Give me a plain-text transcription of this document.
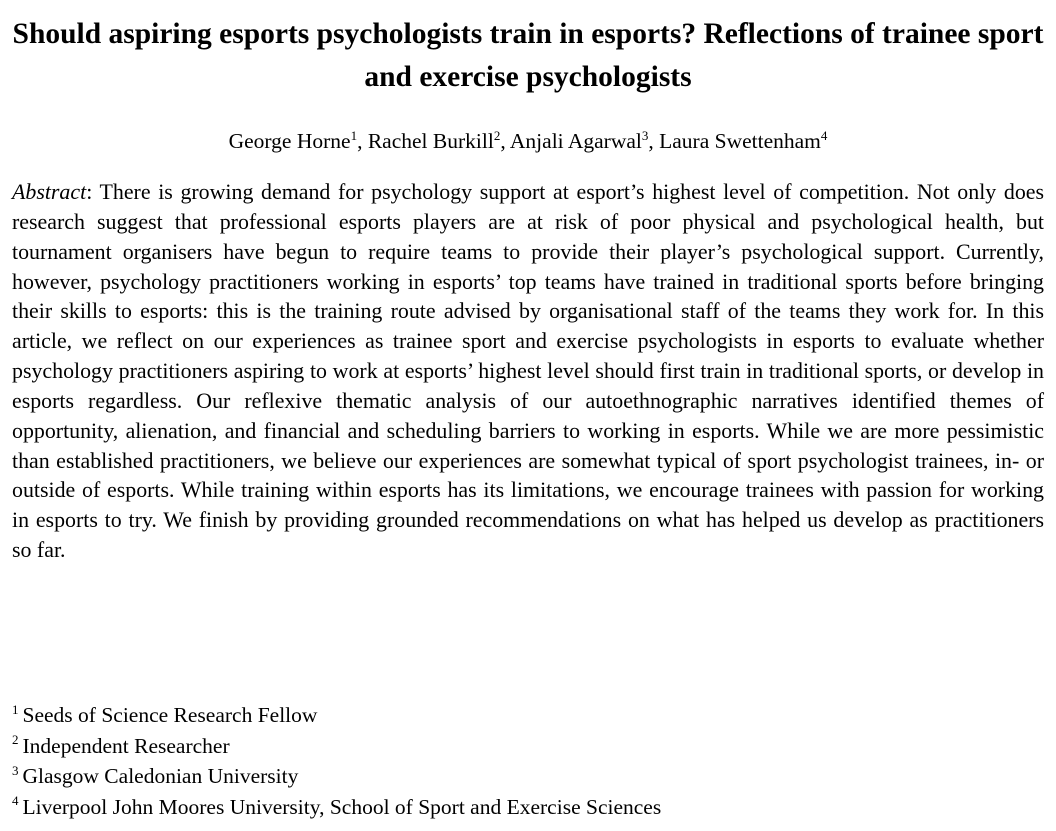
Should aspiring esports psychologists train in esports? Reflections of trainee sport and exercise psychologists

George Horne$^1$, Rachel Burkill$^2$, Anjali Agarwal$^3$, Laura Swettenham$^4$

Abstract: There is growing demand for psychology support at esport’s highest level of competition. Not only does research suggest that professional esports players are at risk of poor physical and psychological health, but tournament organisers have begun to require teams to provide their player’s psychological support. Currently, however, psychology practitioners working in esports’ top teams have trained in traditional sports before bringing their skills to esports: this is the training route advised by organisational staff of the teams they work for. In this article, we reflect on our experiences as trainee sport and exercise psychologists in esports to evaluate whether psychology practitioners aspiring to work at esports’ highest level should first train in traditional sports, or develop in esports regardless. Our reflexive thematic analysis of our autoethnographic narratives identified themes of opportunity, alienation, and financial and scheduling barriers to working in esports. While we are more pessimistic than established practitioners, we believe our experiences are somewhat typical of sport psychologist trainees, in- or outside of esports. While training within esports has its limitations, we encourage trainees with passion for working in esports to try. We finish by providing grounded recommendations on what has helped us develop as practitioners so far.

$^1$ Seeds of Science Research Fellow
$^2$ Independent Researcher
$^3$ Glasgow Caledonian University
$^4$ Liverpool John Moores University, School of Sport and Exercise Sciences
